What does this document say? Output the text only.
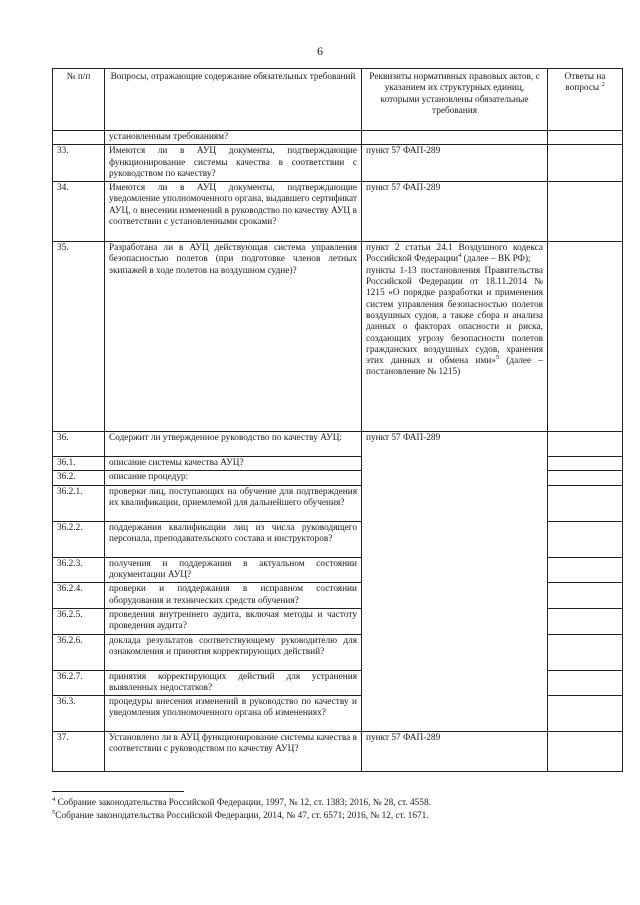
6
№ п/п	Вопросы, отражающие содержание обязательных требований	Реквизиты нормативных правовых актов, с указанием их структурных единиц, которыми установлены обязательные требования	Ответы на вопросы $^2$
	установленным требованиям?		
33.	Имеются ли в АУЦ документы, подтверждающие функционирование системы качества в соответствии с руководством по качеству?	пункт 57 ФАП-289	
34.	Имеются ли в АУЦ документы, подтверждающие уведомление уполномоченного органа, выдавшего сертификат АУЦ, о внесении изменений в руководство по качеству АУЦ в соответствии с установленными сроками?	пункт 57 ФАП-289	
35.	Разработана ли в АУЦ действующая система управления безопасностью полетов (при подготовке членов летных экипажей в ходе полетов на воздушном судне)?	пункт 2 статьи 24.1 Воздушного кодекса Российской Федерации$^4$ (далее – ВК РФ);
пункты 1-13 постановления Правительства Российской Федерации от 18.11.2014 № 1215 «О порядке разработки и применения систем управления безопасностью полетов воздушных судов, а также сбора и анализа данных о факторах опасности и риска, создающих угрозу безопасности полетов гражданских воздушных судов, хранения этих данных и обмена ими»$^5$ (далее – постановление № 1215)	
36.	Содержит ли утвержденное руководство по качеству АУЦ:	пункт 57 ФАП-289	
36.1.	описание системы качества АУЦ?		
36.2.	описание процедур:		
36.2.1.	проверки лиц, поступающих на обучение для подтверждения их квалификации, приемлемой для дальнейшего обучения?		
36.2.2.	поддержания квалификации лиц из числа руководящего персонала, преподавательского состава и инструкторов?		
36.2.3.	получения и поддержания в актуальном состоянии документации АУЦ?		
36.2.4.	проверки и поддержания в исправном состоянии оборудования и технических средств обучения?		
36.2.5.	проведения внутреннего аудита, включая методы и частоту проведения аудита?		
36.2.6.	доклада результатов соответствующему руководителю для ознакомления и принятия корректирующих действий?		
36.2.7.	принятия корректирующих действий для устранения выявленных недостатков?		
36.3.	процедуры внесения изменений в руководство по качеству и уведомления уполномоченного органа об изменениях?		
37.	Установлено ли в АУЦ функционирование системы качества в соответствии с руководством по качеству АУЦ?	пункт 57 ФАП-289	
$^4$ Собрание законодательства Российской Федерации, 1997, № 12, ст. 1383; 2016, № 28, ст. 4558.
$^5$Собрание законодательства Российской Федерации, 2014, № 47, ст. 6571; 2016, № 12, ст. 1671.
